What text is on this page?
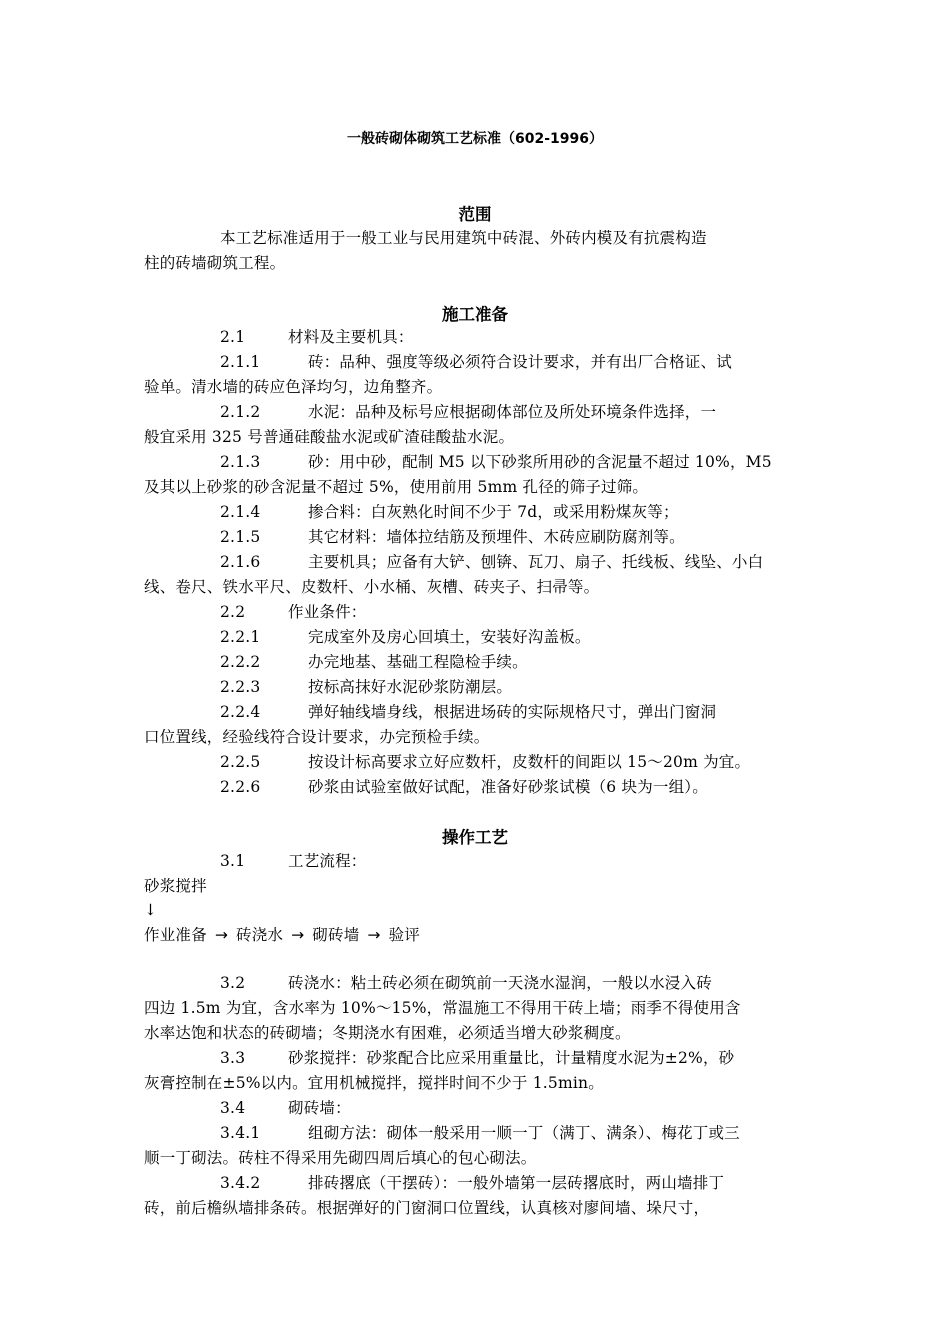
一般砖砌体砌筑工艺标准（602-1996）
范围
本工艺标准适用于一般工业与民用建筑中砖混、外砖内模及有抗震构造
柱的砖墙砌筑工程。
施工准备
2.1	材料及主要机具：
2.1.1	砖：品种、强度等级必须符合设计要求，并有出厂合格证、试
验单。清水墙的砖应色泽均匀，边角整齐。
2.1.2	水泥：品种及标号应根据砌体部位及所处环境条件选择，一
般宜采用 325 号普通硅酸盐水泥或矿渣硅酸盐水泥。
2.1.3	砂：用中砂，配制 M5 以下砂浆所用砂的含泥量不超过 10%，M5
及其以上砂浆的砂含泥量不超过 5%，使用前用 5mm 孔径的筛子过筛。
2.1.4	掺合料：白灰熟化时间不少于 7d，或采用粉煤灰等；
2.1.5	其它材料：墙体拉结筋及预埋件、木砖应刷防腐剂等。
2.1.6	主要机具；应备有大铲、刨锛、瓦刀、扇子、托线板、线坠、小白
线、卷尺、铁水平尺、皮数杆、小水桶、灰槽、砖夹子、扫帚等。
2.2	作业条件：
2.2.1	完成室外及房心回填土，安装好沟盖板。
2.2.2	办完地基、基础工程隐检手续。
2.2.3	按标高抹好水泥砂浆防潮层。
2.2.4	弹好轴线墙身线，根据进场砖的实际规格尺寸，弹出门窗洞
口位置线，经验线符合设计要求，办完预检手续。
2.2.5	按设计标高要求立好应数杆，皮数杆的间距以 15～20m 为宜。
2.2.6	砂浆由试验室做好试配，准备好砂浆试模（6 块为一组）。
操作工艺
3.1	工艺流程：
砂浆搅拌
↓
作业准备 → 砖浇水 → 砌砖墙 → 验评
3.2	砖浇水：粘土砖必须在砌筑前一天浇水湿润，一般以水浸入砖
四边 1.5m 为宜，含水率为 10%～15%，常温施工不得用干砖上墙；雨季不得使用含
水率达饱和状态的砖砌墙；冬期浇水有困难，必须适当增大砂浆稠度。
3.3	砂浆搅拌：砂浆配合比应采用重量比，计量精度水泥为±2%，砂
灰膏控制在±5%以内。宜用机械搅拌，搅拌时间不少于 1.5min。
3.4	砌砖墙：
3.4.1	组砌方法：砌体一般采用一顺一丁（满丁、满条）、梅花丁或三
顺一丁砌法。砖柱不得采用先砌四周后填心的包心砌法。
3.4.2	排砖撂底（干摆砖）：一般外墙第一层砖撂底时，两山墙排丁
砖，前后檐纵墙排条砖。根据弹好的门窗洞口位置线，认真核对廖间墙、垛尺寸，
